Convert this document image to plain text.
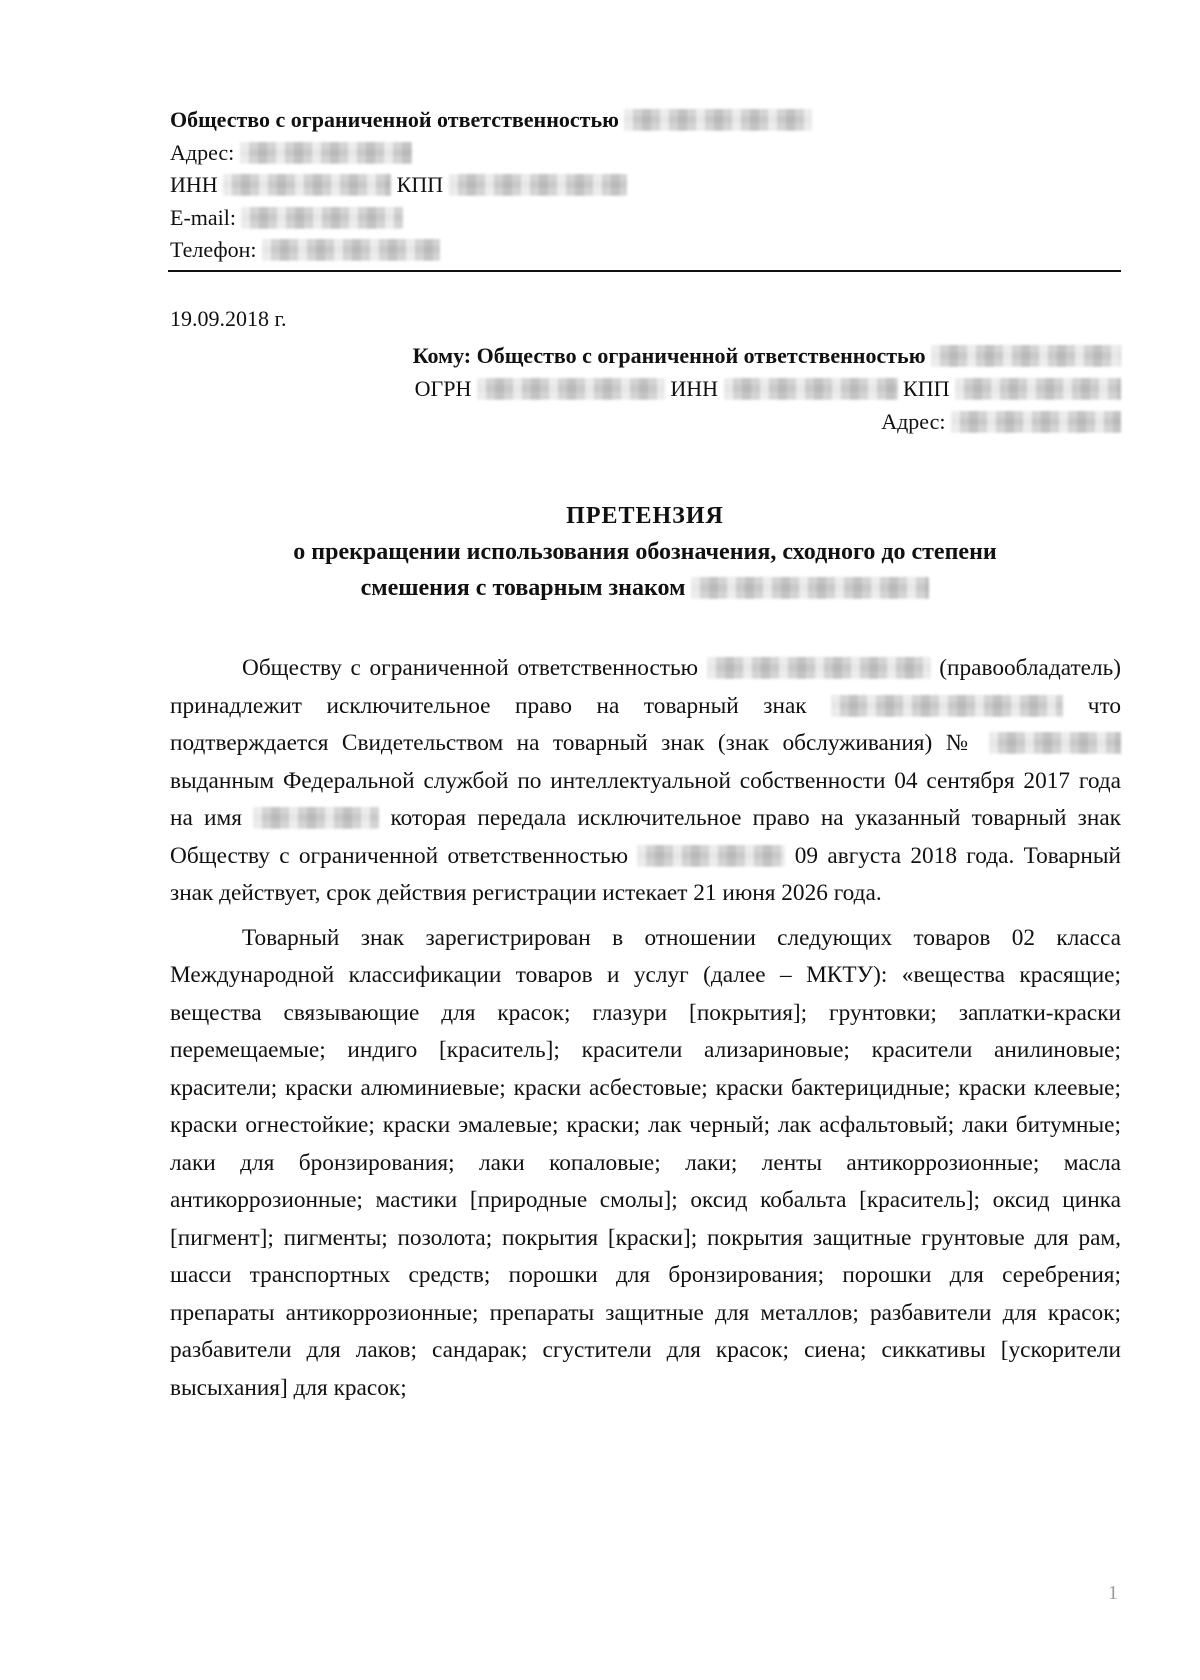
Общество с ограниченной ответственностью
Адрес:
ИНН	КПП
E-mail:
Телефон:
19.09.2018 г.
Кому: Общество с ограниченной ответственностью
ОГРН	ИНН	КПП
Адрес:
ПРЕТЕНЗИЯ
о прекращении использования обозначения, сходного до степени
смешения с товарным знаком

Обществу с ограниченной ответственностью	(правообладатель) принадлежит исключительное право на товарный знак	что подтверждается Свидетельством на товарный знак (знак обслуживания) №  выданным Федеральной службой по интеллектуальной собственности 04 сентября 2017 года на имя	которая передала исключительное право на указанный товарный знак Обществу с ограниченной ответственностью	09 августа 2018 года. Товарный знак действует, срок действия регистрации истекает 21 июня 2026 года.

Товарный знак зарегистрирован в отношении следующих товаров 02 класса Международной классификации товаров и услуг (далее – МКТУ): «вещества красящие; вещества связывающие для красок; глазури [покрытия]; грунтовки; заплатки-краски перемещаемые; индиго [краситель]; красители ализариновые; красители анилиновые; красители; краски алюминиевые; краски асбестовые; краски бактерицидные; краски клеевые; краски огнестойкие; краски эмалевые; краски; лак черный; лак асфальтовый; лаки битумные; лаки для бронзирования; лаки копаловые; лаки; ленты антикоррозионные; масла антикоррозионные; мастики [природные смолы]; оксид кобальта [краситель]; оксид цинка [пигмент]; пигменты; позолота; покрытия [краски]; покрытия защитные грунтовые для рам, шасси транспортных средств; порошки для бронзирования; порошки для серебрения; препараты антикоррозионные; препараты защитные для металлов; разбавители для красок; разбавители для лаков; сандарак; сгустители для красок; сиена; сиккативы [ускорители высыхания] для красок;

1
